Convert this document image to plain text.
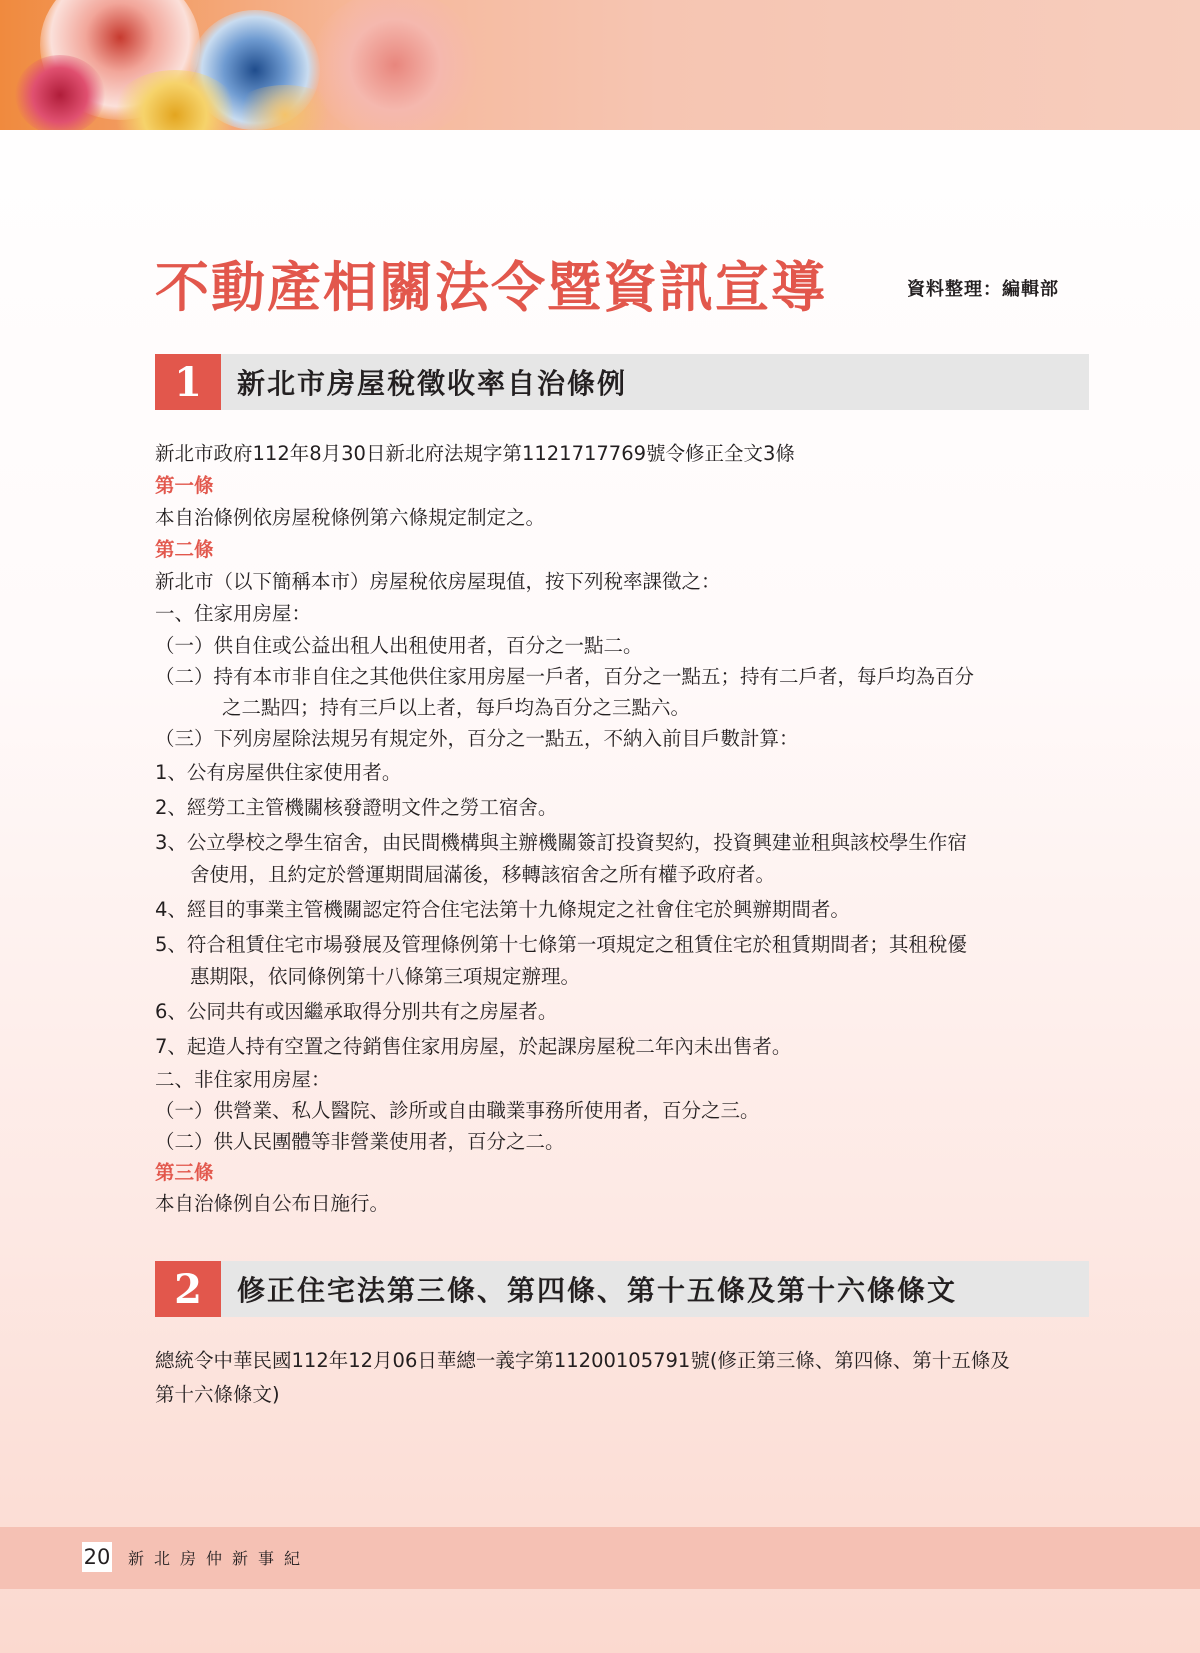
不動產相關法令暨資訊宣導	資料整理：編輯部
1	新北市房屋稅徵收率自治條例
新北市政府112年8月30日新北府法規字第1121717769號令修正全文3條
第一條
本自治條例依房屋稅條例第六條規定制定之。
第二條
新北市（以下簡稱本市）房屋稅依房屋現值，按下列稅率課徵之：
一、住家用房屋：
（一）供自住或公益出租人出租使用者，百分之一點二。
（二）持有本市非自住之其他供住家用房屋一戶者，百分之一點五；持有二戶者，每戶均為百分
之二點四；持有三戶以上者，每戶均為百分之三點六。
（三）下列房屋除法規另有規定外，百分之一點五，不納入前目戶數計算：
1、公有房屋供住家使用者。
2、經勞工主管機關核發證明文件之勞工宿舍。
3、公立學校之學生宿舍，由民間機構與主辦機關簽訂投資契約，投資興建並租與該校學生作宿
舍使用，且約定於營運期間屆滿後，移轉該宿舍之所有權予政府者。
4、經目的事業主管機關認定符合住宅法第十九條規定之社會住宅於興辦期間者。
5、符合租賃住宅市場發展及管理條例第十七條第一項規定之租賃住宅於租賃期間者；其租稅優
惠期限，依同條例第十八條第三項規定辦理。
6、公同共有或因繼承取得分別共有之房屋者。
7、起造人持有空置之待銷售住家用房屋，於起課房屋稅二年內未出售者。
二、非住家用房屋：
（一）供營業、私人醫院、診所或自由職業事務所使用者，百分之三。
（二）供人民團體等非營業使用者，百分之二。
第三條
本自治條例自公布日施行。
2	修正住宅法第三條、第四條、第十五條及第十六條條文
總統令中華民國112年12月06日華總一義字第11200105791號(修正第三條、第四條、第十五條及
第十六條條文)
20 新北房仲新事紀
